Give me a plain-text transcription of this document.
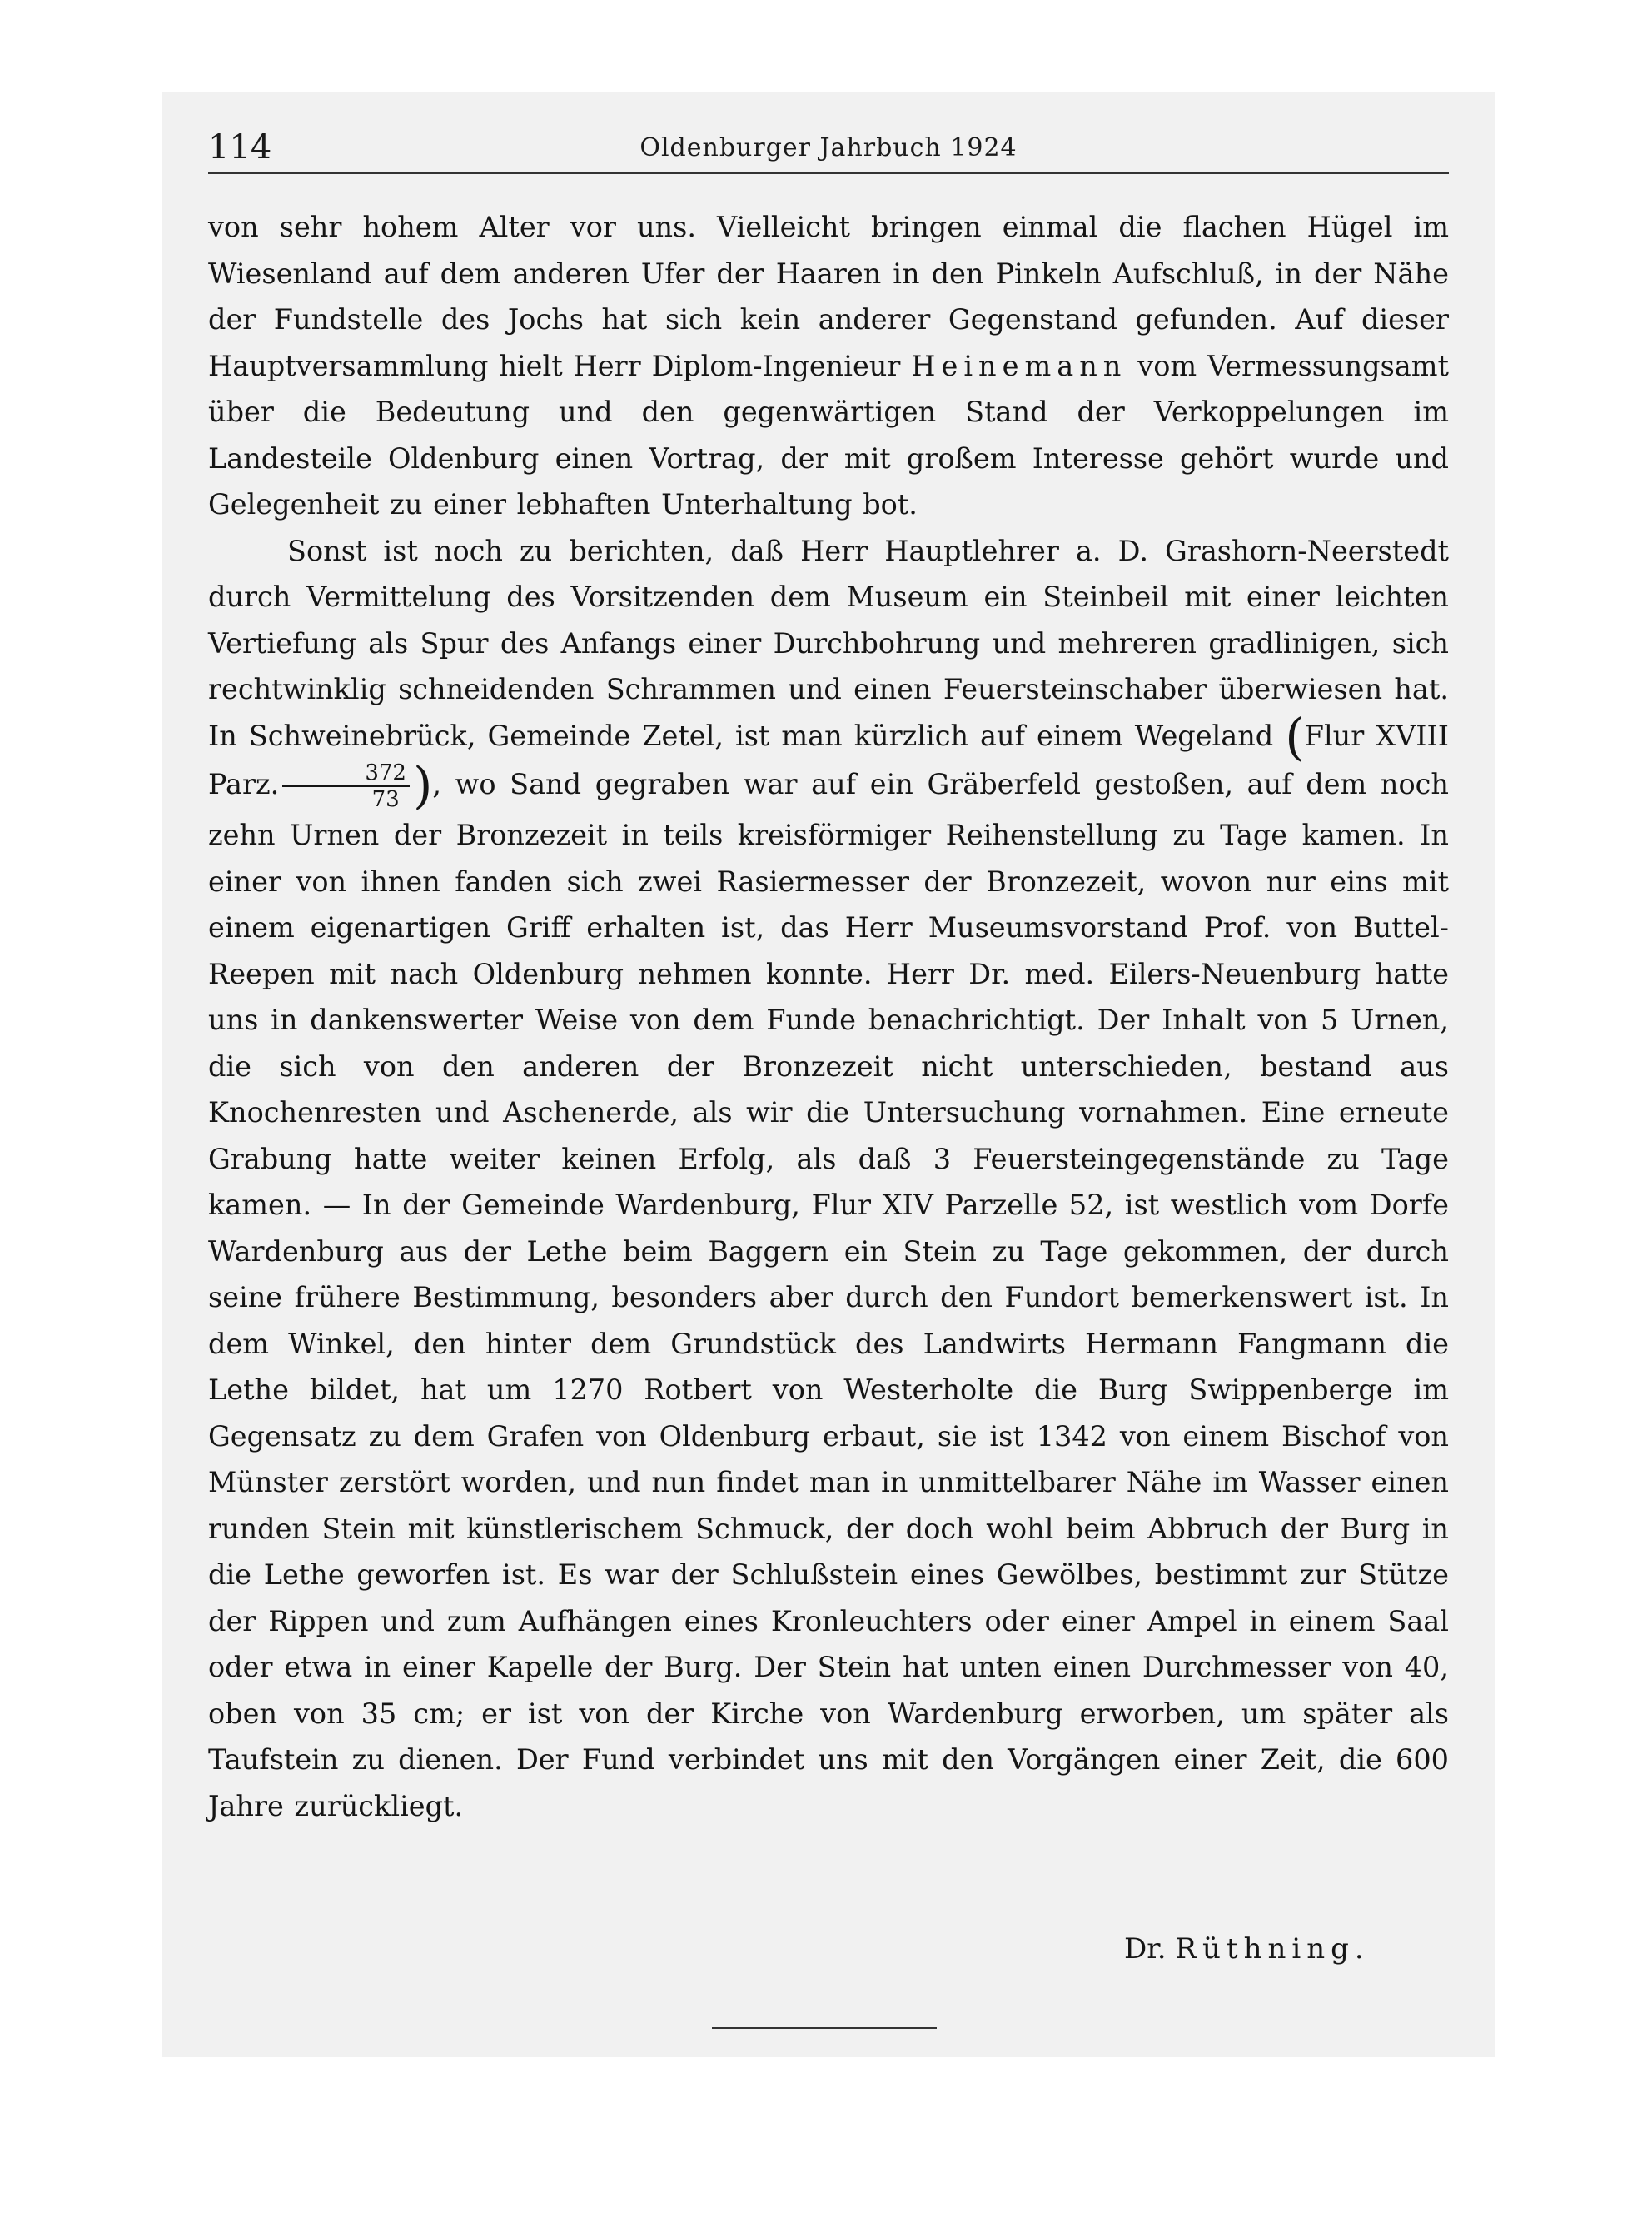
114	Oldenburger Jahrbuch 1924

von sehr hohem Alter vor uns. Vielleicht bringen einmal die flachen Hügel im Wiesenland auf dem anderen Ufer der Haaren in den Pinkeln Aufschluß, in der Nähe der Fundstelle des Jochs hat sich kein anderer Gegenstand gefunden. Auf dieser Hauptversammlung hielt Herr Diplom-Ingenieur Heinemann vom Vermessungsamt über die Bedeutung und den gegenwärtigen Stand der Verkoppelungen im Landesteile Oldenburg einen Vortrag, der mit großem Interesse gehört wurde und Gelegenheit zu einer lebhaften Unterhaltung bot.

Sonst ist noch zu berichten, daß Herr Hauptlehrer a. D. Grashorn-Neerstedt durch Vermittelung des Vorsitzenden dem Museum ein Steinbeil mit einer leichten Vertiefung als Spur des Anfangs einer Durchbohrung und mehreren gradlinigen, sich rechtwinklig schneidenden Schrammen und einen Feuersteinschaber überwiesen hat. In Schweinebrück, Gemeinde Zetel, ist man kürzlich auf einem Wegeland (Flur XVIII Parz. $\frac{372}{73}$ ), wo Sand gegraben war auf ein Gräberfeld gestoßen, auf dem noch zehn Urnen der Bronzezeit in teils kreisförmiger Reihenstellung zu Tage kamen. In einer von ihnen fanden sich zwei Rasiermesser der Bronzezeit, wovon nur eins mit einem eigenartigen Griff erhalten ist, das Herr Museumsvorstand Prof. von Buttel-Reepen mit nach Oldenburg nehmen konnte. Herr Dr. med. Eilers-Neuenburg hatte uns in dankenswerter Weise von dem Funde benachrichtigt. Der Inhalt von 5 Urnen, die sich von den anderen der Bronzezeit nicht unterschieden, bestand aus Knochenresten und Aschenerde, als wir die Untersuchung vornahmen. Eine erneute Grabung hatte weiter keinen Erfolg, als daß 3 Feuersteingegenstände zu Tage kamen. — In der Gemeinde Wardenburg, Flur XIV Parzelle 52, ist westlich vom Dorfe Wardenburg aus der Lethe beim Baggern ein Stein zu Tage gekommen, der durch seine frühere Bestimmung, besonders aber durch den Fundort bemerkenswert ist. In dem Winkel, den hinter dem Grundstück des Landwirts Hermann Fangmann die Lethe bildet, hat um 1270 Rotbert von Westerholte die Burg Swippenberge im Gegensatz zu dem Grafen von Oldenburg erbaut, sie ist 1342 von einem Bischof von Münster zerstört worden, und nun findet man in unmittelbarer Nähe im Wasser einen runden Stein mit künstlerischem Schmuck, der doch wohl beim Abbruch der Burg in die Lethe geworfen ist. Es war der Schlußstein eines Gewölbes, bestimmt zur Stütze der Rippen und zum Aufhängen eines Kronleuchters oder einer Ampel in einem Saal oder etwa in einer Kapelle der Burg. Der Stein hat unten einen Durchmesser von 40, oben von 35 cm; er ist von der Kirche von Wardenburg erworben, um später als Taufstein zu dienen. Der Fund verbindet uns mit den Vorgängen einer Zeit, die 600 Jahre zurückliegt.

Dr. Rüthning.
